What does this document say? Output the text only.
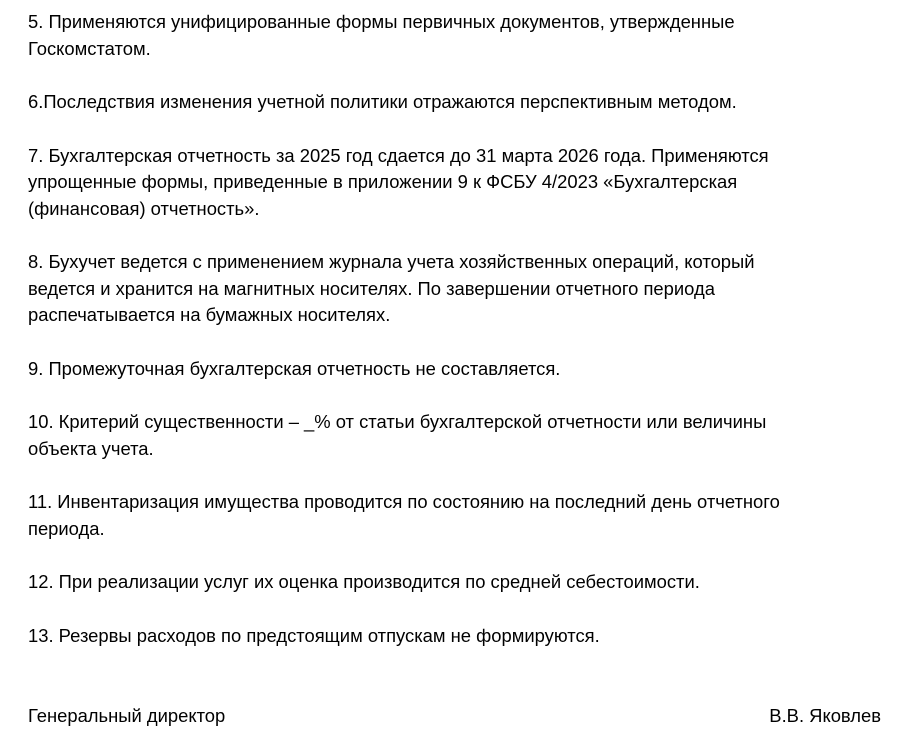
5. Применяются унифицированные формы первичных документов, утвержденные
Госкомстатом.

6.Последствия изменения учетной политики отражаются перспективным методом.

7. Бухгалтерская отчетность за 2025 год сдается до 31 марта 2026 года. Применяются
упрощенные формы, приведенные в приложении 9 к ФСБУ 4/2023 «Бухгалтерская
(финансовая) отчетность».

8. Бухучет ведется с применением журнала учета хозяйственных операций, который
ведется и хранится на магнитных носителях. По завершении отчетного периода
распечатывается на бумажных носителях.

9. Промежуточная бухгалтерская отчетность не составляется.

10. Критерий существенности – _% от статьи бухгалтерской отчетности или величины
объекта учета.

11. Инвентаризация имущества проводится по состоянию на последний день отчетного
периода.

12. При реализации услуг их оценка производится по средней себестоимости.

13. Резервы расходов по предстоящим отпускам не формируются.

Генеральный директор	В.В. Яковлев
